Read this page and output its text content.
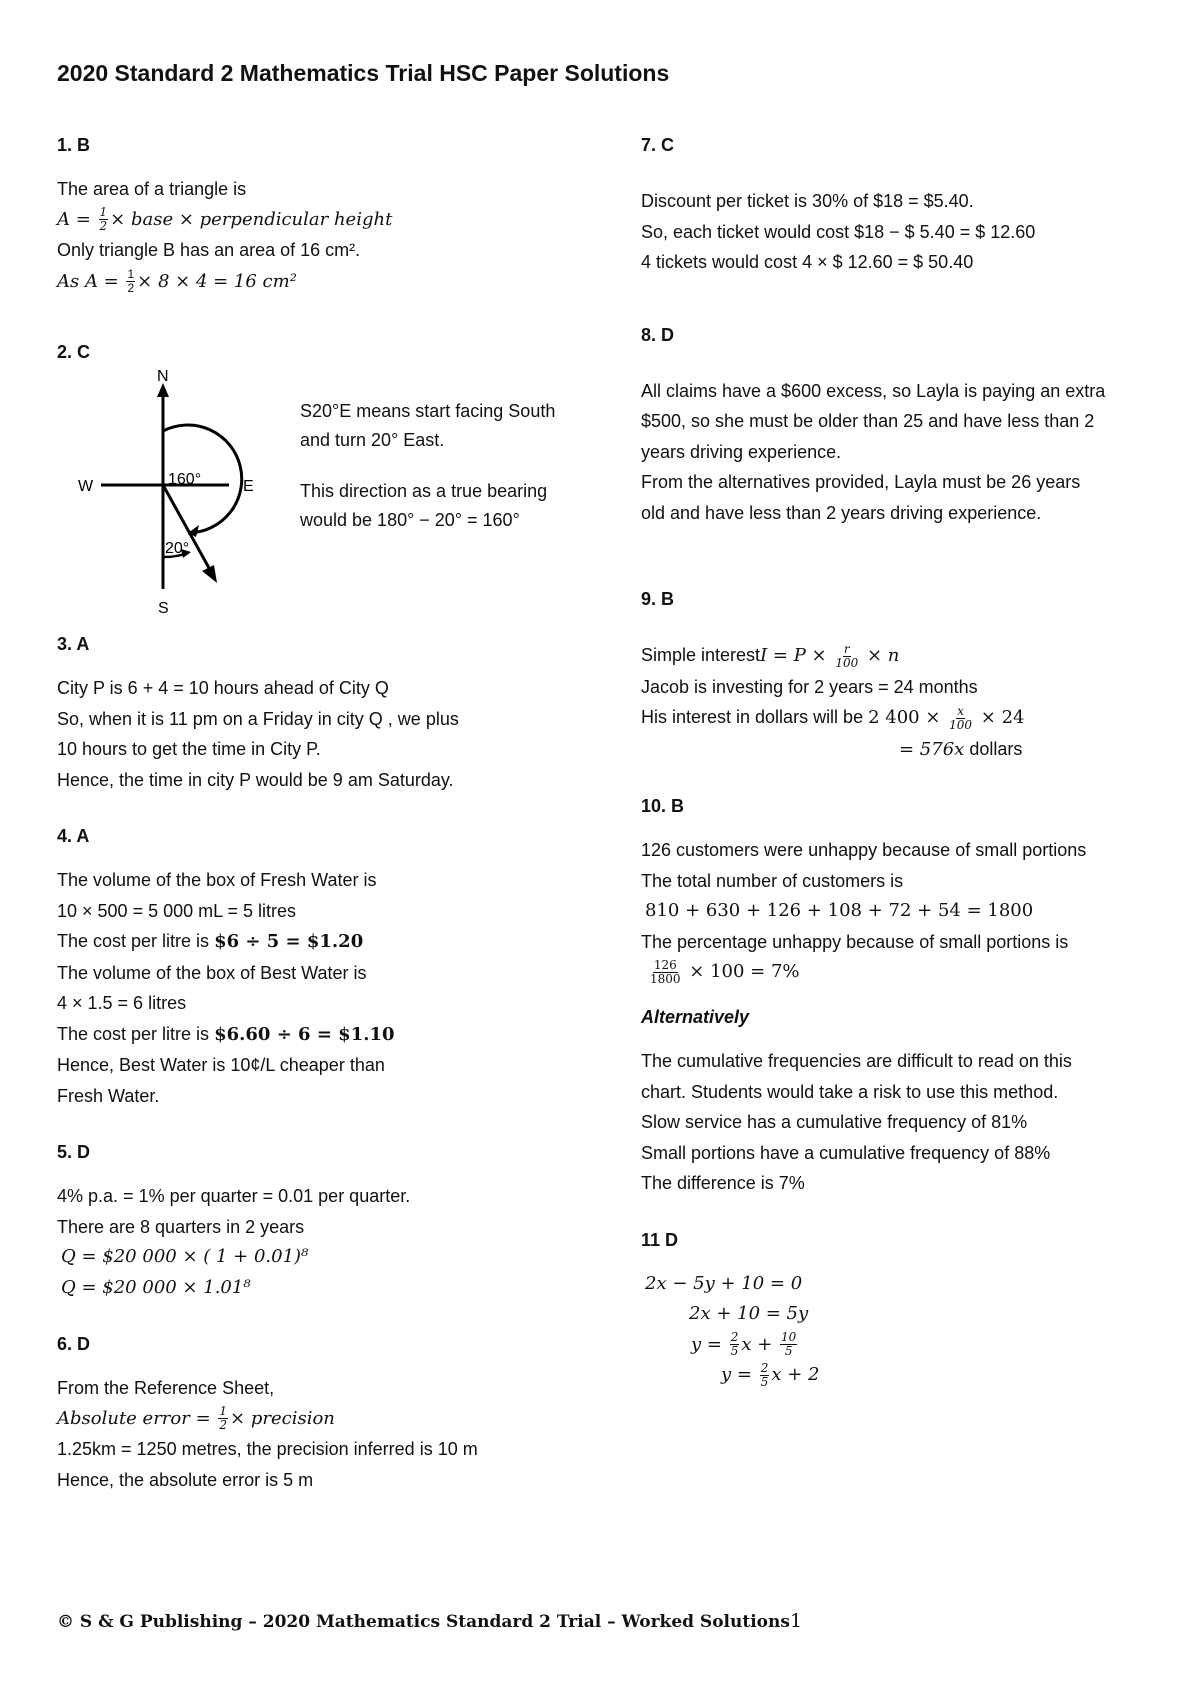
2020 Standard 2 Mathematics Trial HSC Paper Solutions

1. B

The area of a triangle is

$A = \frac{1}{2}$ × base × perpendicular height

Only triangle B has an area of 16 cm².

As $A = \frac{1}{2} \times 8 \times 4 = 16$ cm²

2. C

N
S
E
W	160°
20°

S20°E means start facing South

and turn 20° East.

This direction as a true bearing

would be 180° − 20° = 160°

3. A

City P is 6 + 4 = 10 hours ahead of City Q

So, when it is 11 pm on a Friday in city Q , we plus

10 hours to get the time in City P.

Hence, the time in city P would be 9 am Saturday.

4. A

The volume of the box of Fresh Water is

10 × 500 = 5 000 mL = 5 litres

The cost per litre is $6 ÷ 5 = $1.20

The volume of the box of Best Water is

4 × 1.5 = 6 litres

The cost per litre is $6.60 ÷ 6 = $1.10

Hence, Best Water is 10¢/L cheaper than

Fresh Water.

5. D

4% p.a. = 1% per quarter = 0.01 per quarter.

There are 8 quarters in 2 years

Q = $20 000 × ( 1 + 0.01)⁸

Q = $20 000 × 1.01⁸

6. D

From the Reference Sheet,

Absolute error = $\frac{1}{2}$ × precision

1.25km = 1250 metres, the precision inferred is 10 m

Hence, the absolute error is 5 m

7. C

Discount per ticket is 30% of $18 = $5.40.

So, each ticket would cost $18 − $ 5.40 = $ 12.60

4 tickets would cost 4 × $ 12.60 = $ 50.40

8. D

All claims have a $600 excess, so Layla is paying an extra

$500, so she must be older than 25 and have less than 2

years driving experience.

From the alternatives provided, Layla must be 26 years

old and have less than 2 years driving experience.

9. B

Simple interestI = $P \times \frac{r}{100} \times n$

Jacob is investing for 2 years = 24 months

His interest in dollars will be 2 $400 \times \frac{x}{100} \times 24$

= 576x dollars

10. B

126 customers were unhappy because of small portions

The total number of customers is

810 + 630 + 126 + 108 + 72 + 54 = 1800

The percentage unhappy because of small portions is

$\frac{126}{1800} \times 100 = 7\%$

Alternatively

The cumulative frequencies are difficult to read on this

chart. Students would take a risk to use this method.

Slow service has a cumulative frequency of 81%

Small portions have a cumulative frequency of 88%

The difference is 7%

11 D

2x − 5y + 10 = 0

2x + 10 = 5y

$y = \frac{2}{5}$ $x + \frac{10}{5}$

$y = \frac{2}{5}$ x + 2

© S & G Publishing – 2020 Mathematics Standard 2 Trial – Worked Solutions 1
